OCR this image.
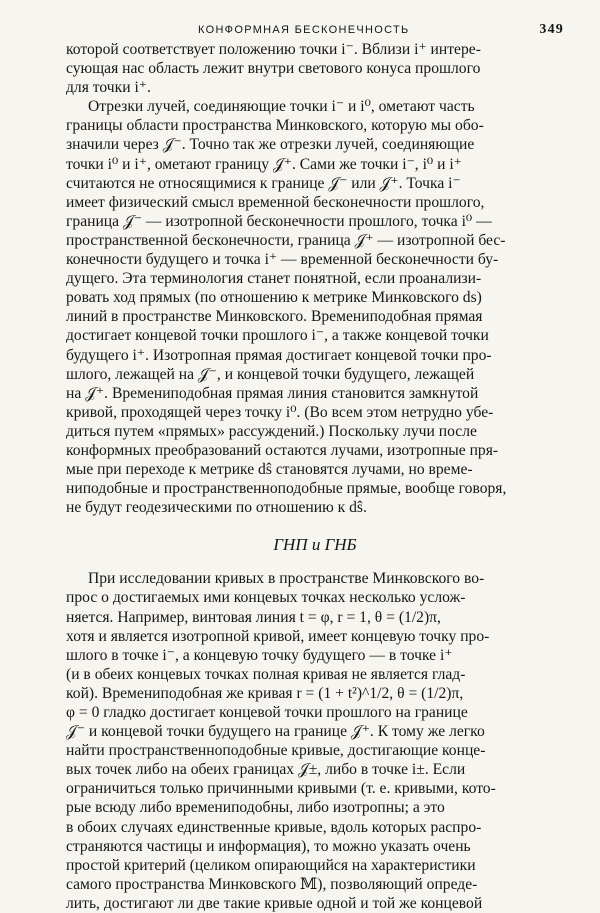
КОНФОРМНАЯ БЕСКОНЕЧНОСТЬ	349
которой соответствует положению точки i⁻. Вблизи i⁺ интере-
сующая нас область лежит внутри светового конуса прошлого
для точки i⁺.
Отрезки лучей, соединяющие точки i⁻ и i⁰, ометают часть
границы области пространства Минковского, которую мы обо-
значили через 𝒥⁻. Точно так же отрезки лучей, соединяющие
точки i⁰ и i⁺, ометают границу 𝒥⁺. Сами же точки i⁻, i⁰ и i⁺
считаются не относящимися к границе 𝒥⁻ или 𝒥⁺. Точка i⁻
имеет физический смысл временной бесконечности прошлого,
граница 𝒥⁻ — изотропной бесконечности прошлого, точка i⁰ —
пространственной бесконечности, граница 𝒥⁺ — изотропной бес-
конечности будущего и точка i⁺ — временной бесконечности бу-
дущего. Эта терминология станет понятной, если проанализи-
ровать ход прямых (по отношению к метрике Минковского ds)
линий в пространстве Минковского. Времениподобная прямая
достигает концевой точки прошлого i⁻, а также концевой точки
будущего i⁺. Изотропная прямая достигает концевой точки про-
шлого, лежащей на 𝒥⁻, и концевой точки будущего, лежащей
на 𝒥⁺. Времениподобная прямая линия становится замкнутой
кривой, проходящей через точку i⁰. (Во всем этом нетрудно убе-
диться путем «прямых» рассуждений.) Поскольку лучи после
конформных преобразований остаются лучами, изотропные пря-
мые при переходе к метрике dŝ становятся лучами, но време-
ниподобные и пространственноподобные прямые, вообще говоря,
не будут геодезическими по отношению к dŝ.
ГНП и ГНБ
При исследовании кривых в пространстве Минковского во-
прос о достигаемых ими концевых точках несколько услож-
няется. Например, винтовая линия t = φ, r = 1, θ = (1/2)π,
хотя и является изотропной кривой, имеет концевую точку про-
шлого в точке i⁻, а концевую точку будущего — в точке i⁺
(и в обеих концевых точках полная кривая не является глад-
кой). Времениподобная же кривая r = (1 + t²)^1/2, θ = (1/2)π,
φ = 0 гладко достигает концевой точки прошлого на границе
𝒥⁻ и концевой точки будущего на границе 𝒥⁺. К тому же легко
найти пространственноподобные кривые, достигающие конце-
вых точек либо на обеих границах 𝒥±, либо в точке i±. Если
ограничиться только причинными кривыми (т. е. кривыми, кото-
рые всюду либо времениподобны, либо изотропны; а это
в обоих случаях единственные кривые, вдоль которых распро-
страняются частицы и информация), то можно указать очень
простой критерий (целиком опирающийся на характеристики
самого пространства Минковского 𝕄), позволяющий опреде-
лить, достигают ли две такие кривые одной и той же концевой
